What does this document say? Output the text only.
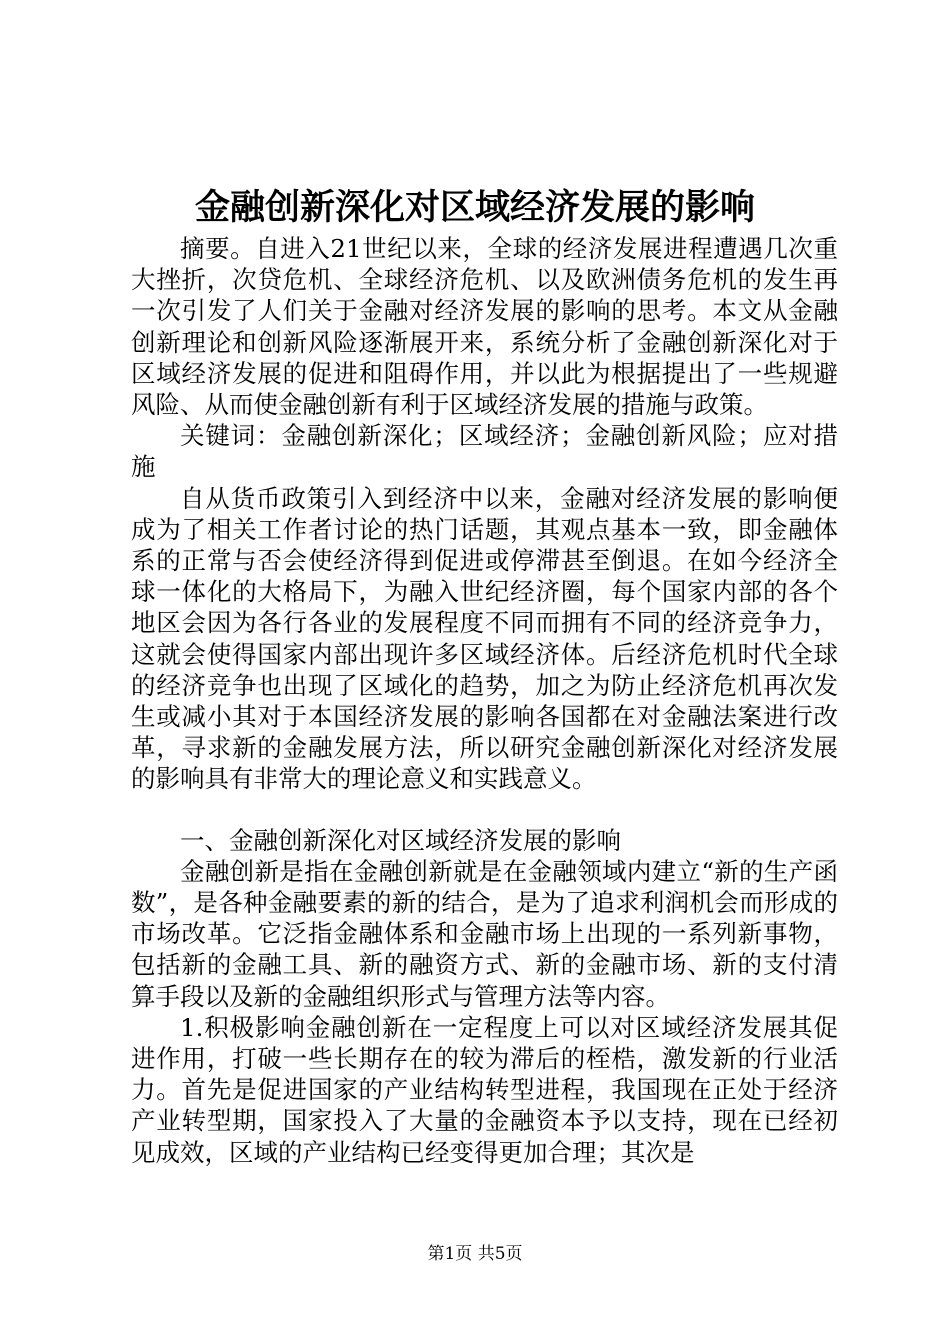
金融创新深化对区域经济发展的影响

摘要。自进入21世纪以来，全球的经济发展进程遭遇几次重大挫折，次贷危机、全球经济危机、以及欧洲债务危机的发生再一次引发了人们关于金融对经济发展的影响的思考。本文从金融创新理论和创新风险逐渐展开来，系统分析了金融创新深化对于区域经济发展的促进和阻碍作用，并以此为根据提出了一些规避风险、从而使金融创新有利于区域经济发展的措施与政策。

关键词：金融创新深化；区域经济；金融创新风险；应对措施

自从货币政策引入到经济中以来，金融对经济发展的影响便成为了相关工作者讨论的热门话题，其观点基本一致，即金融体系的正常与否会使经济得到促进或停滞甚至倒退。在如今经济全球一体化的大格局下，为融入世纪经济圈，每个国家内部的各个地区会因为各行各业的发展程度不同而拥有不同的经济竞争力，这就会使得国家内部出现许多区域经济体。后经济危机时代全球的经济竞争也出现了区域化的趋势，加之为防止经济危机再次发生或减小其对于本国经济发展的影响各国都在对金融法案进行改革，寻求新的金融发展方法，所以研究金融创新深化对经济发展的影响具有非常大的理论意义和实践意义。

一、金融创新深化对区域经济发展的影响

金融创新是指在金融创新就是在金融领域内建立“新的生产函数”，是各种金融要素的新的结合，是为了追求利润机会而形成的市场改革。它泛指金融体系和金融市场上出现的一系列新事物，包括新的金融工具、新的融资方式、新的金融市场、新的支付清算手段以及新的金融组织形式与管理方法等内容。

1.积极影响金融创新在一定程度上可以对区域经济发展其促进作用，打破一些长期存在的较为滞后的桎梏，激发新的行业活力。首先是促进国家的产业结构转型进程，我国现在正处于经济产业转型期，国家投入了大量的金融资本予以支持，现在已经初见成效，区域的产业结构已经变得更加合理；其次是

第1页 共5页
